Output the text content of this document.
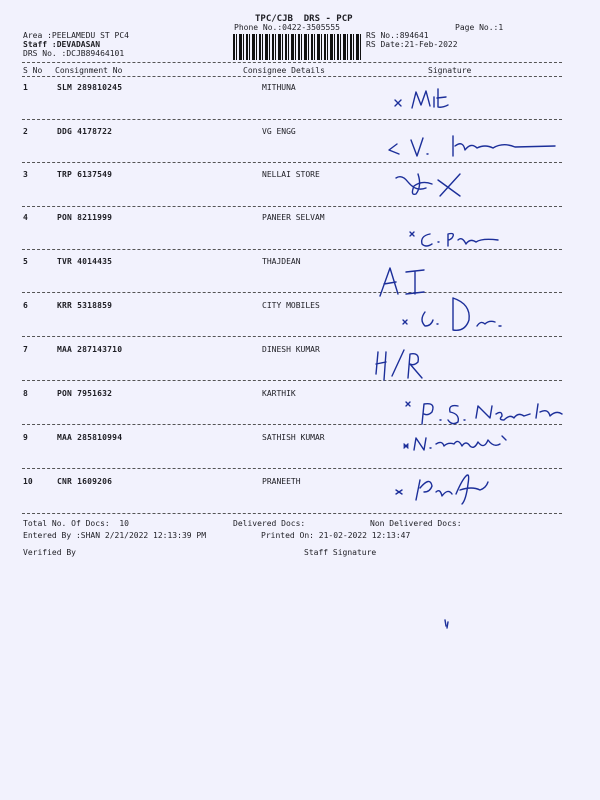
TPC/CJB  DRS - PCP
Phone No.:0422-3505555	Page No.:1
Area :PEELAMEDU ST PC4
Staff :DEVADASAN
DRS No. :DCJB89464101
RS No.:894641
RS Date:21-Feb-2022
S No Consignment No	Consignee Details	Signature
1	SLM 289810245	MITHUNA
2	DDG 4178722	VG ENGG
3	TRP 6137549	NELLAI STORE
4	PON 8211999	PANEER SELVAM
5	TVR 4014435	THAJDEAN
6	KRR 5318859	CITY MOBILES
7	MAA 287143710	DINESH KUMAR
8	PON 7951632	KARTHIK
9	MAA 285810994	SATHISH KUMAR
10	CNR 1609206	PRANEETH
Total No. Of Docs:  10	Delivered Docs:	Non Delivered Docs:
Entered By :SHAN 2/21/2022 12:13:39 PM	Printed On: 21-02-2022 12:13:47
Verified By	Staff Signature
